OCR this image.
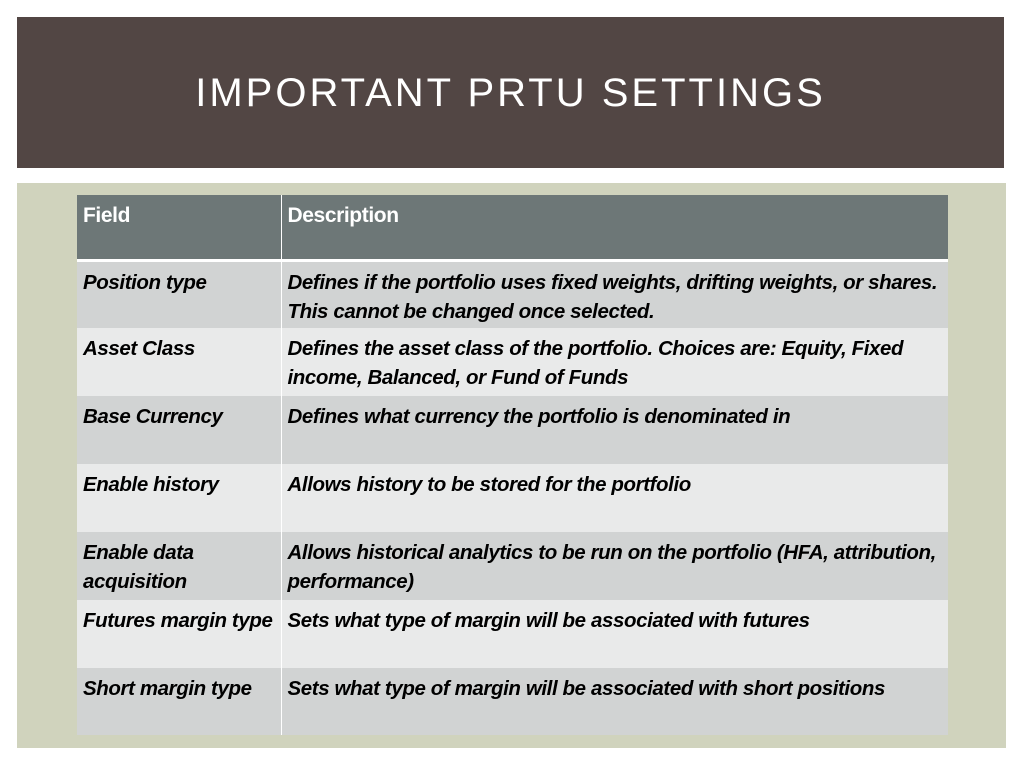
IMPORTANT PRTU SETTINGS
Field	Description
Position type	Defines if the portfolio uses fixed weights, drifting weights, or shares. This cannot be changed once selected.
Asset Class	Defines the asset class of the portfolio. Choices are: Equity, Fixed income, Balanced, or Fund of Funds
Base Currency	Defines what currency the portfolio is denominated in
Enable history	Allows history to be stored for the portfolio
Enable data acquisition	Allows historical analytics to be run on the portfolio (HFA, attribution, performance)
Futures margin type	Sets what type of margin will be associated with futures
Short margin type	Sets what type of margin will be associated with short positions
